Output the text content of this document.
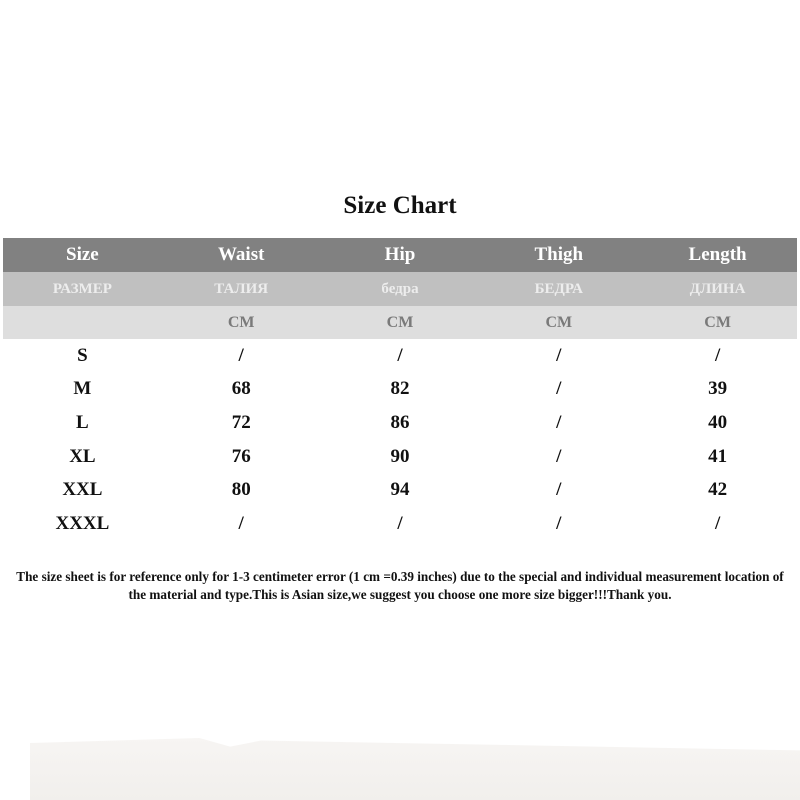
Size Chart
Size	Waist	Hip	Thigh	Length
РАЗМЕР	ТАЛИЯ	бедра	БЕДРА	ДЛИНА
	CM	CM	CM	CM
S	/	/	/	/
M	68	82	/	39
L	72	86	/	40
XL	76	90	/	41
XXL	80	94	/	42
XXXL	/	/	/	/
The size sheet is for reference only for 1-3 centimeter error (1 cm =0.39 inches) due to the special and individual measurement location of the material and type.This is Asian size,we suggest you choose one more size bigger!!!Thank you.
